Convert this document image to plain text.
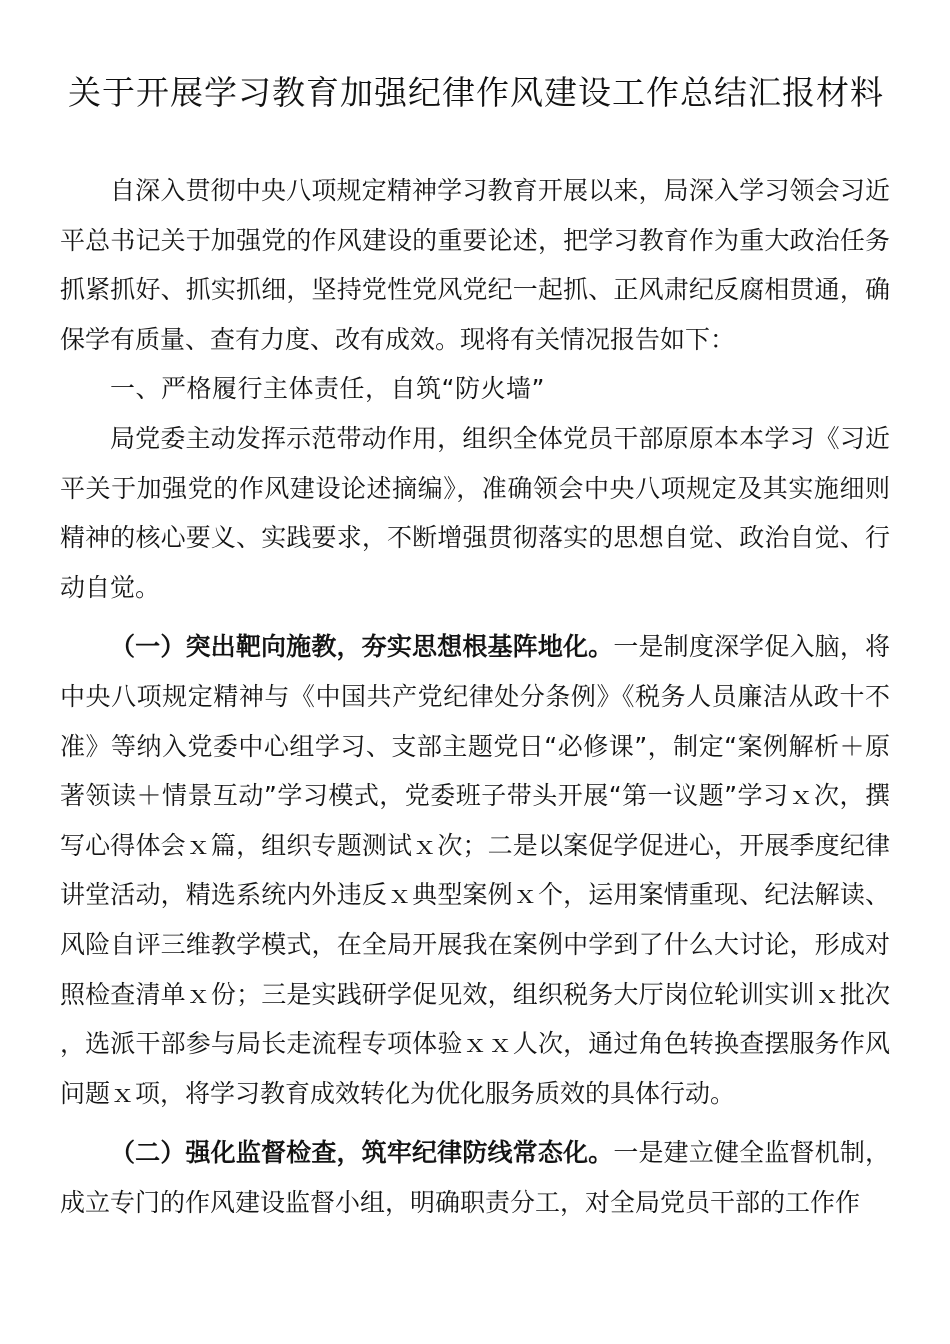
关于开展学习教育加强纪律作风建设工作总结汇报材料

自深入贯彻中央八项规定精神学习教育开展以来，局深入学习领会习近平总书记关于加强党的作风建设的重要论述，把学习教育作为重大政治任务抓紧抓好、抓实抓细，坚持党性党风党纪一起抓、正风肃纪反腐相贯通，确保学有质量、查有力度、改有成效。现将有关情况报告如下：

一、严格履行主体责任，自筑“防火墙”

局党委主动发挥示范带动作用，组织全体党员干部原原本本学习《习近平关于加强党的作风建设论述摘编》，准确领会中央八项规定及其实施细则精神的核心要义、实践要求，不断增强贯彻落实的思想自觉、政治自觉、行动自觉。

（一）突出靶向施教，夯实思想根基阵地化。一是制度深学促入脑，将中央八项规定精神与《中国共产党纪律处分条例》《税务人员廉洁从政十不准》等纳入党委中心组学习、支部主题党日“必修课”，制定“案例解析＋原著领读＋情景互动”学习模式，党委班子带头开展“第一议题”学习ｘ次，撰写心得体会ｘ篇，组织专题测试ｘ次；二是以案促学促进心，开展季度纪律讲堂活动，精选系统内外违反ｘ典型案例ｘ个，运用案情重现、纪法解读、风险自评三维教学模式，在全局开展我在案例中学到了什么大讨论，形成对照检查清单ｘ份；三是实践研学促见效，组织税务大厅岗位轮训实训ｘ批次，选派干部参与局长走流程专项体验ｘｘ人次，通过角色转换查摆服务作风问题ｘ项，将学习教育成效转化为优化服务质效的具体行动。

（二）强化监督检查，筑牢纪律防线常态化。一是建立健全监督机制，成立专门的作风建设监督小组，明确职责分工，对全局党员干部的工作作
